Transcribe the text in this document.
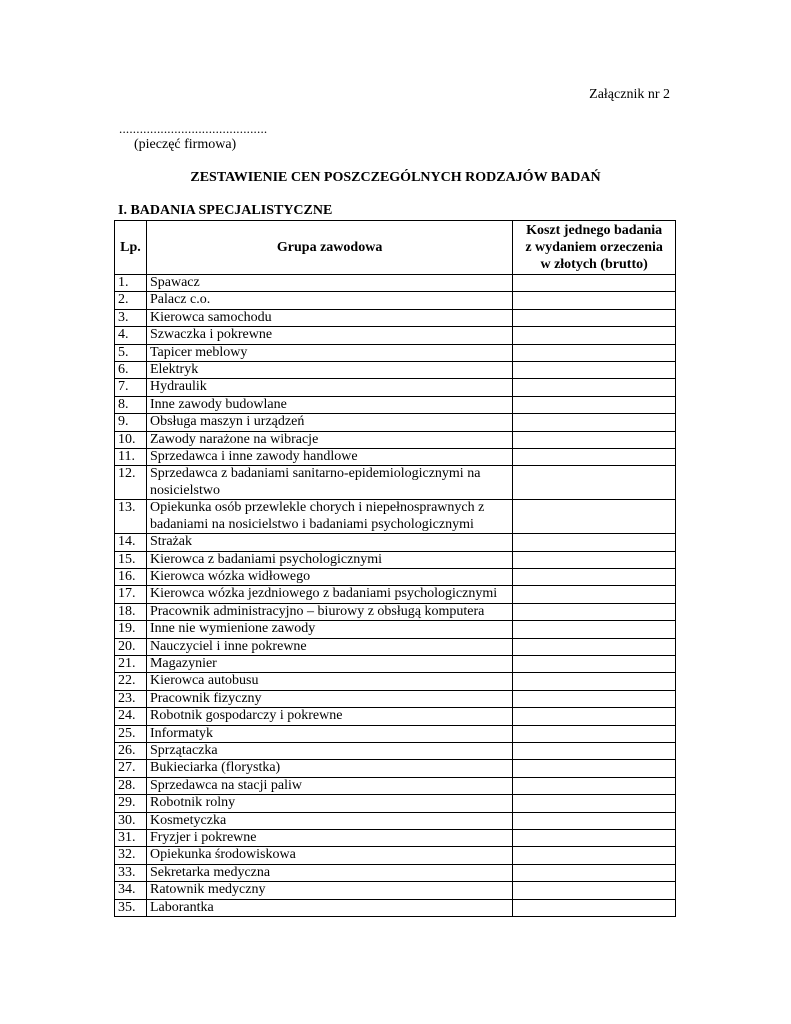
Załącznik nr 2
...........................................
(pieczęć firmowa)
ZESTAWIENIE CEN POSZCZEGÓLNYCH RODZAJÓW BADAŃ
I. BADANIA SPECJALISTYCZNE
Lp.	Grupa zawodowa	Koszt jednego badania
z wydaniem orzeczenia
w złotych (brutto)
1.	Spawacz	
2.	Palacz c.o.	
3.	Kierowca samochodu	
4.	Szwaczka i pokrewne	
5.	Tapicer meblowy	
6.	Elektryk	
7.	Hydraulik	
8.	Inne zawody budowlane	
9.	Obsługa maszyn i urządzeń	
10.	Zawody narażone na wibracje	
11.	Sprzedawca i inne zawody handlowe	
12.	Sprzedawca z badaniami sanitarno-epidemiologicznymi na nosicielstwo	
13.	Opiekunka osób przewlekle chorych i niepełnosprawnych z badaniami na nosicielstwo i badaniami psychologicznymi	
14.	Strażak	
15.	Kierowca z badaniami psychologicznymi	
16.	Kierowca wózka widłowego	
17.	Kierowca wózka jezdniowego z badaniami psychologicznymi	
18.	Pracownik administracyjno – biurowy z obsługą komputera	
19.	Inne nie wymienione zawody	
20.	Nauczyciel i inne pokrewne	
21.	Magazynier	
22.	Kierowca autobusu	
23.	Pracownik fizyczny	
24.	Robotnik gospodarczy i pokrewne	
25.	Informatyk	
26.	Sprzątaczka	
27.	Bukieciarka (florystka)	
28.	Sprzedawca na stacji paliw	
29.	Robotnik rolny	
30.	Kosmetyczka	
31.	Fryzjer i pokrewne	
32.	Opiekunka środowiskowa	
33.	Sekretarka medyczna	
34.	Ratownik medyczny	
35.	Laborantka	
